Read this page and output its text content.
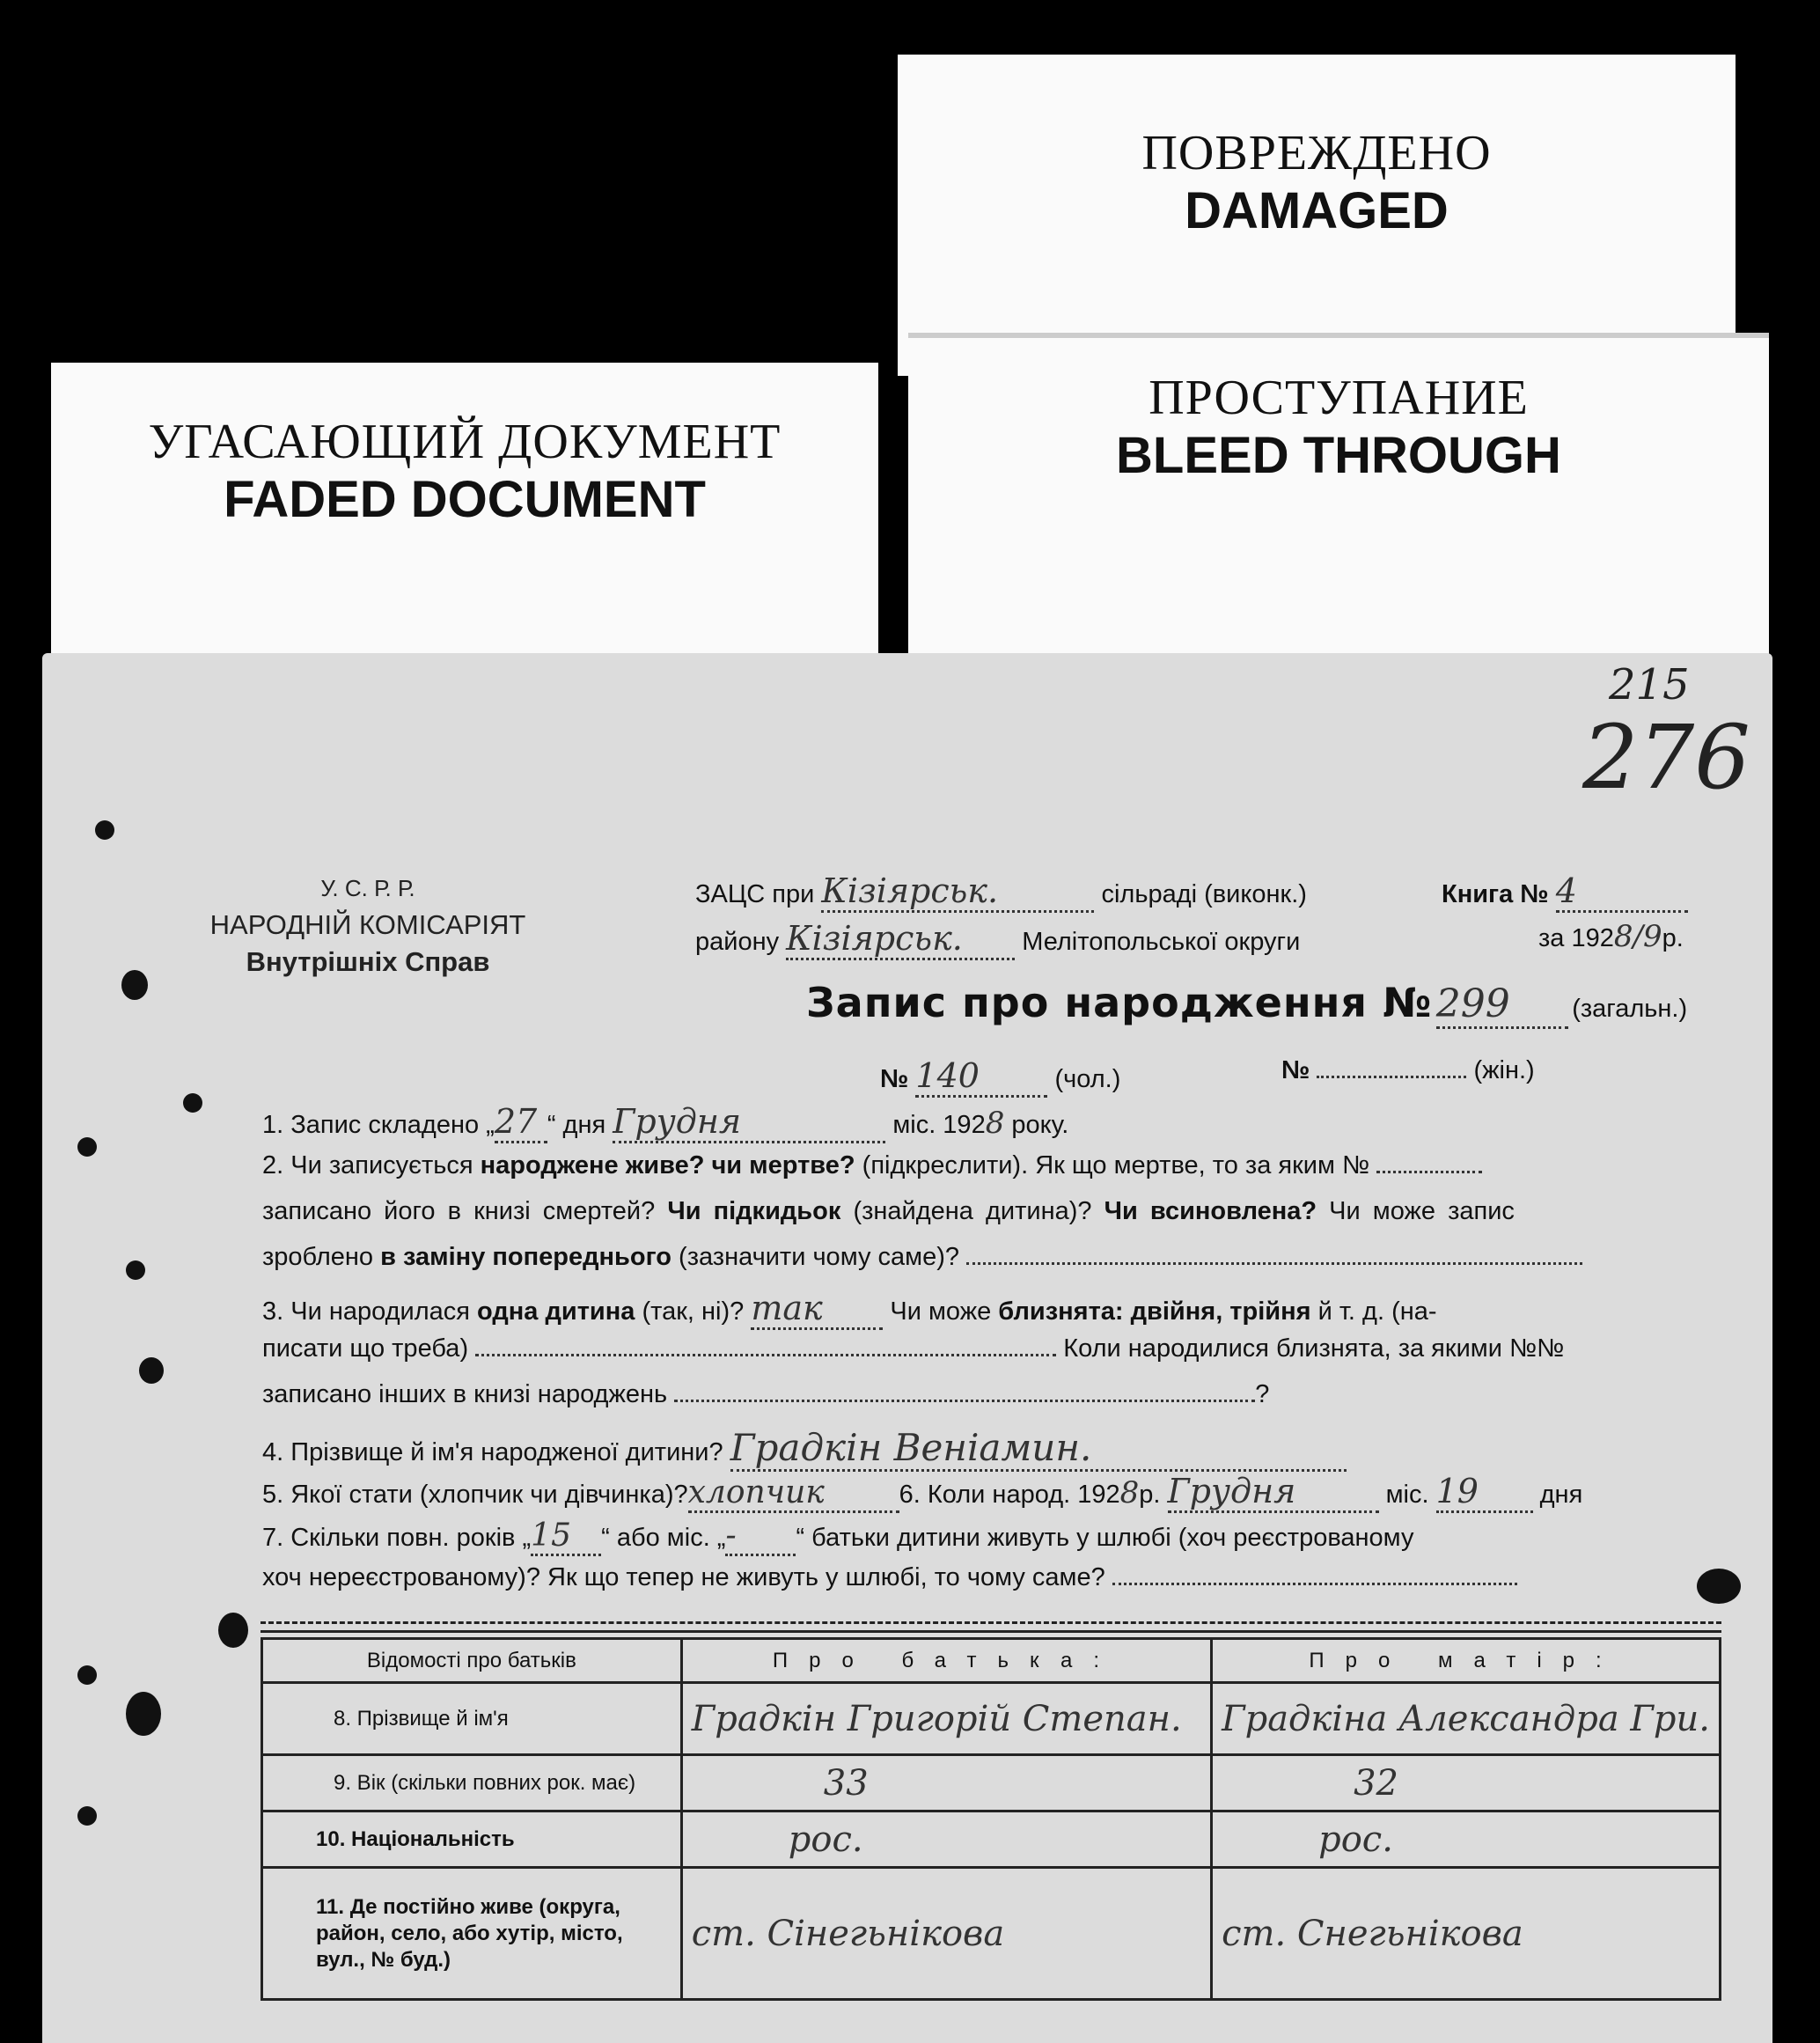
ПОВРЕЖДЕНО
DAMAGED
ПРОСТУПАНИЕ
BLEED THROUGH
УГАСАЮЩИЙ ДОКУМЕНТ
FADED DOCUMENT
215
276
У. С. Р. Р.
НАРОДНІЙ КОМІСАРІЯТ
Внутрішніх Справ
ЗАЦС при Кізіярськ.	сільраді (виконк.)	Книга № 4
району Кізіярськ. Мелітопольської округи	за 1928/9р.
Запис про народження № 299 (загальн.)
№ 140	(чол.)	№	(жін.)
1. Запис складено „27 “ дня Грудня	міс. 1928 року.
2. Чи записується народжене живе? чи мертве? (підкреслити). Як що мертве, то за яким №
записано його в книзі смертей? Чи підкидьок (знайдена дитина)? Чи всиновлена? Чи може запис
зроблено в заміну попереднього (зазначити чому саме)?
3. Чи народилася одна дитина (так, ні)? так	Чи може близнята: двійня, трійня й т. д. (на-
писати що треба)	Коли народилися близнята, за якими №№
записано інших в книзі народжень	?
4. Прізвище й ім'я народженої дитини? Градкін Веніамин.
5. Якої стати (хлопчик чи дівчинка)?хлопчик	6. Коли народ. 1928р. Грудня	міс. 19 дня
7. Скільки повн. років „15 “ або міс. „- “ батьки дитини живуть у шлюбі (хоч реєстрованому
хоч нереєстрованому)? Як що тепер не живуть у шлюбі, то чому саме?
Відомості про батьків	Про батька:	Про матір:
8. Прізвище й ім'я	Градкін Григорій Степан.	Градкіна Александра Гри.
9. Вік (скільки повних рок. має)	33	32
10. Національність	рос.	рос.
11. Де постійно живе (округа, район, село, або хутір, місто, вул., № буд.)	ст. Сінегьнікова	ст. Снегьнікова
